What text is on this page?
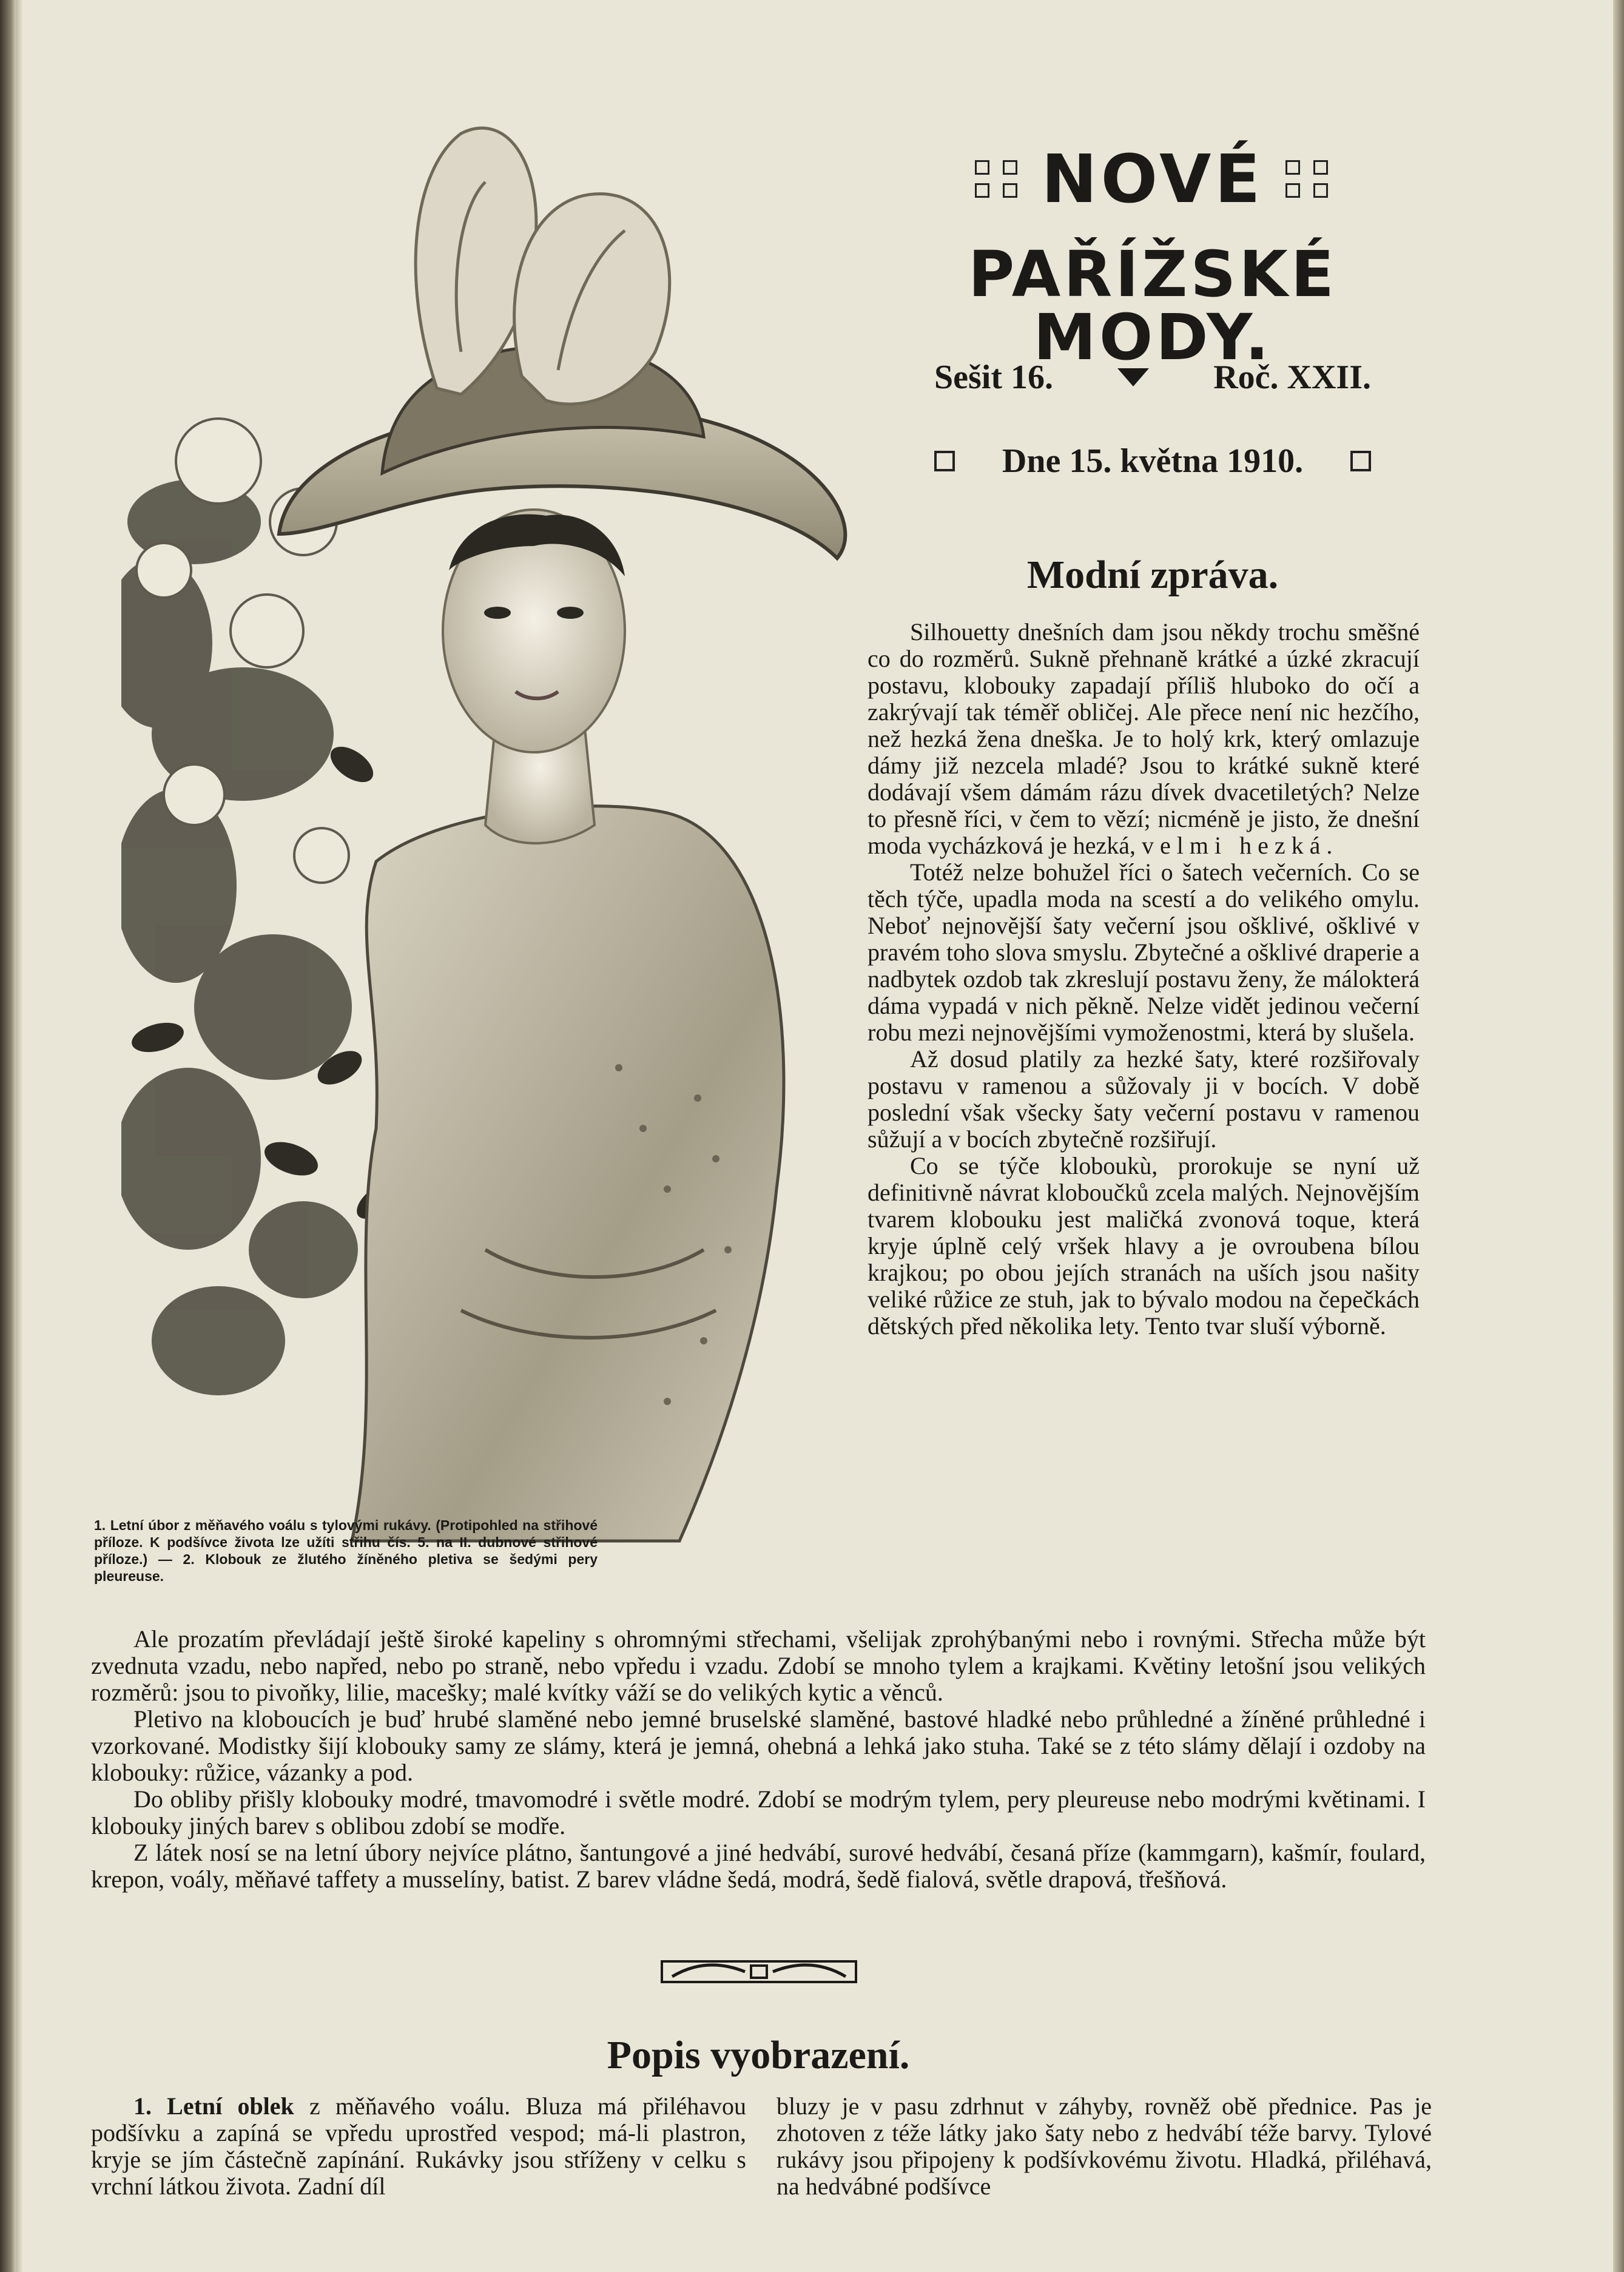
NOVÉ
PAŘÍŽSKÉ MODY.
Sešit 16.	Roč. XXII.
Dne 15. května 1910.
Modní zpráva.

Silhouetty dnešních dam jsou někdy trochu směšné co do rozměrů. Sukně přehnaně krátké a úzké zkracují postavu, klobouky zapadají příliš hluboko do očí a zakrývají tak téměř obličej. Ale přece není nic hezčího, než hezká žena dneška. Je to holý krk, který omlazuje dámy již nezcela mladé? Jsou to krátké sukně které dodávají všem dámám rázu dívek dvacetiletých? Nelze to přesně říci, v čem to vězí; nicméně je jisto, že dnešní moda vycházková je hezká, velmi hezká.

Totéž nelze bohužel říci o šatech večerních. Co se těch týče, upadla moda na scestí a do velikého omylu. Neboť nejnovější šaty večerní jsou ošklivé, ošklivé v pravém toho slova smyslu. Zbytečné a ošklivé draperie a nadbytek ozdob tak zkreslují postavu ženy, že málokterá dáma vypadá v nich pěkně. Nelze vidět jedinou večerní robu mezi nejnovějšími vymoženostmi, která by slušela.

Až dosud platily za hezké šaty, které rozšiřovaly postavu v ramenou a sůžovaly ji v bocích. V době poslední však všecky šaty večerní postavu v ramenou sůžují a v bocích zbytečně rozšiřují.

Co se týče kloboukù, prorokuje se nyní už definitivně návrat kloboučků zcela malých. Nejnovějším tvarem klobouku jest maličká zvonová toque, která kryje úplně celý vršek hlavy a je ovroubena bílou krajkou; po obou jejích stranách na uších jsou našity veliké růžice ze stuh, jak to bývalo modou na čepečkách dětských před několika lety. Tento tvar sluší výborně.

1. Letní úbor z měňavého voálu s tylovými rukávy. (Protipohled na střihové příloze. K podšívce života lze užíti střihu čís. 5. na II. dubnové střihové příloze.) — 2. Klobouk ze žlutého žíněného pletiva se šedými pery pleureuse.

Ale prozatím převládají ještě široké kapeliny s ohromnými střechami, všelijak zprohýbanými nebo i rovnými. Střecha může být zvednuta vzadu, nebo napřed, nebo po straně, nebo vpředu i vzadu. Zdobí se mnoho tylem a krajkami. Květiny letošní jsou velikých rozměrů: jsou to pivoňky, lilie, macešky; malé kvítky váží se do velikých kytic a věnců.

Pletivo na kloboucích je buď hrubé slaměné nebo jemné bruselské slaměné, bastové hladké nebo průhledné a žíněné průhledné i vzorkované. Modistky šijí klobouky samy ze slámy, která je jemná, ohebná a lehká jako stuha. Také se z této slámy dělají i ozdoby na klobouky: růžice, vázanky a pod.

Do obliby přišly klobouky modré, tmavomodré i světle modré. Zdobí se modrým tylem, pery pleureuse nebo modrými květinami. I klobouky jiných barev s oblibou zdobí se modře.

Z látek nosí se na letní úbory nejvíce plátno, šantungové a jiné hedvábí, surové hedvábí, česaná příze (kammgarn), kašmír, foulard, krepon, voály, měňavé taffety a musselíny, batist. Z barev vládne šedá, modrá, šedě fialová, světle drapová, třešňová.

Popis vyobrazení.

1. Letní oblek z měňavého voálu. Bluza má přiléhavou podšívku a zapíná se vpředu uprostřed vespod; má-li plastron, kryje se jím částečně zapínání. Rukávky jsou stříženy v celku s vrchní látkou života. Zadní díl

bluzy je v pasu zdrhnut v záhyby, rovněž obě přednice. Pas je zhotoven z téže látky jako šaty nebo z hedvábí téže barvy. Tylové rukávy jsou připojeny k podšívkovému životu. Hladká, přiléhavá, na hedvábné podšívce
